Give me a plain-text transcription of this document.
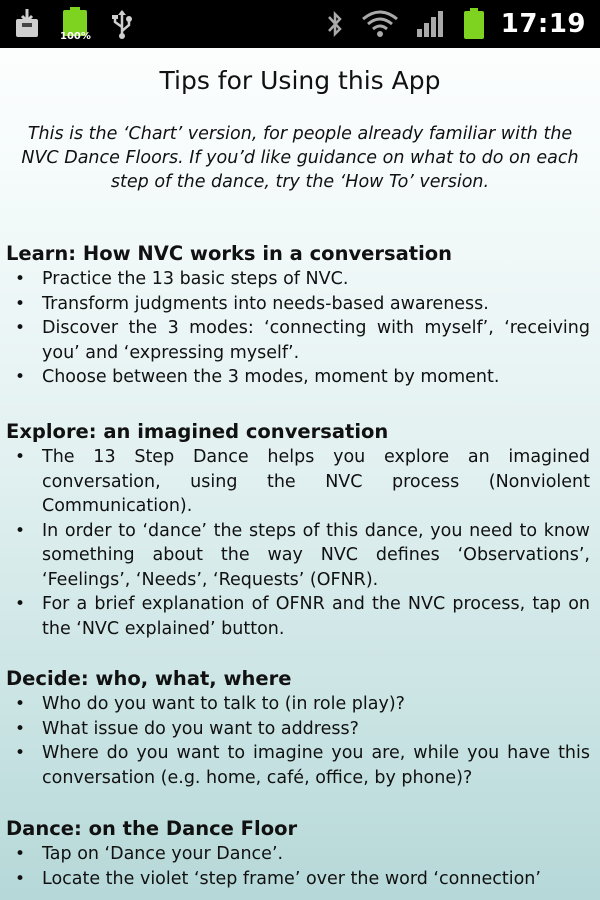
100%	17:19
Tips for Using this App
This is the ‘Chart’ version, for people already familiar with the NVC Dance Floors. If you’d like guidance on what to do on each step of the dance, try the ‘How To’ version.
Learn: How NVC works in a conversation
• Practice the 13 basic steps of NVC.
• Transform judgments into needs-based awareness.
• Discover the 3 modes: ‘connecting with myself’, ‘receiving you’ and ‘expressing myself’.
• Choose between the 3 modes, moment by moment.
Explore: an imagined conversation
• The 13 Step Dance helps you explore an imagined conversation, using the NVC process (Nonviolent Communication).
• In order to ‘dance’ the steps of this dance, you need to know something about the way NVC defines ‘Observations’, ‘Feelings’, ‘Needs’, ‘Requests’ (OFNR).
• For a brief explanation of OFNR and the NVC process, tap on the ‘NVC explained’ button.
Decide: who, what, where
• Who do you want to talk to (in role play)?
• What issue do you want to address?
• Where do you want to imagine you are, while you have this conversation (e.g. home, café, office, by phone)?
Dance: on the Dance Floor
• Tap on ‘Dance your Dance’.
• Locate the violet ‘step frame’ over the word ‘connection’
